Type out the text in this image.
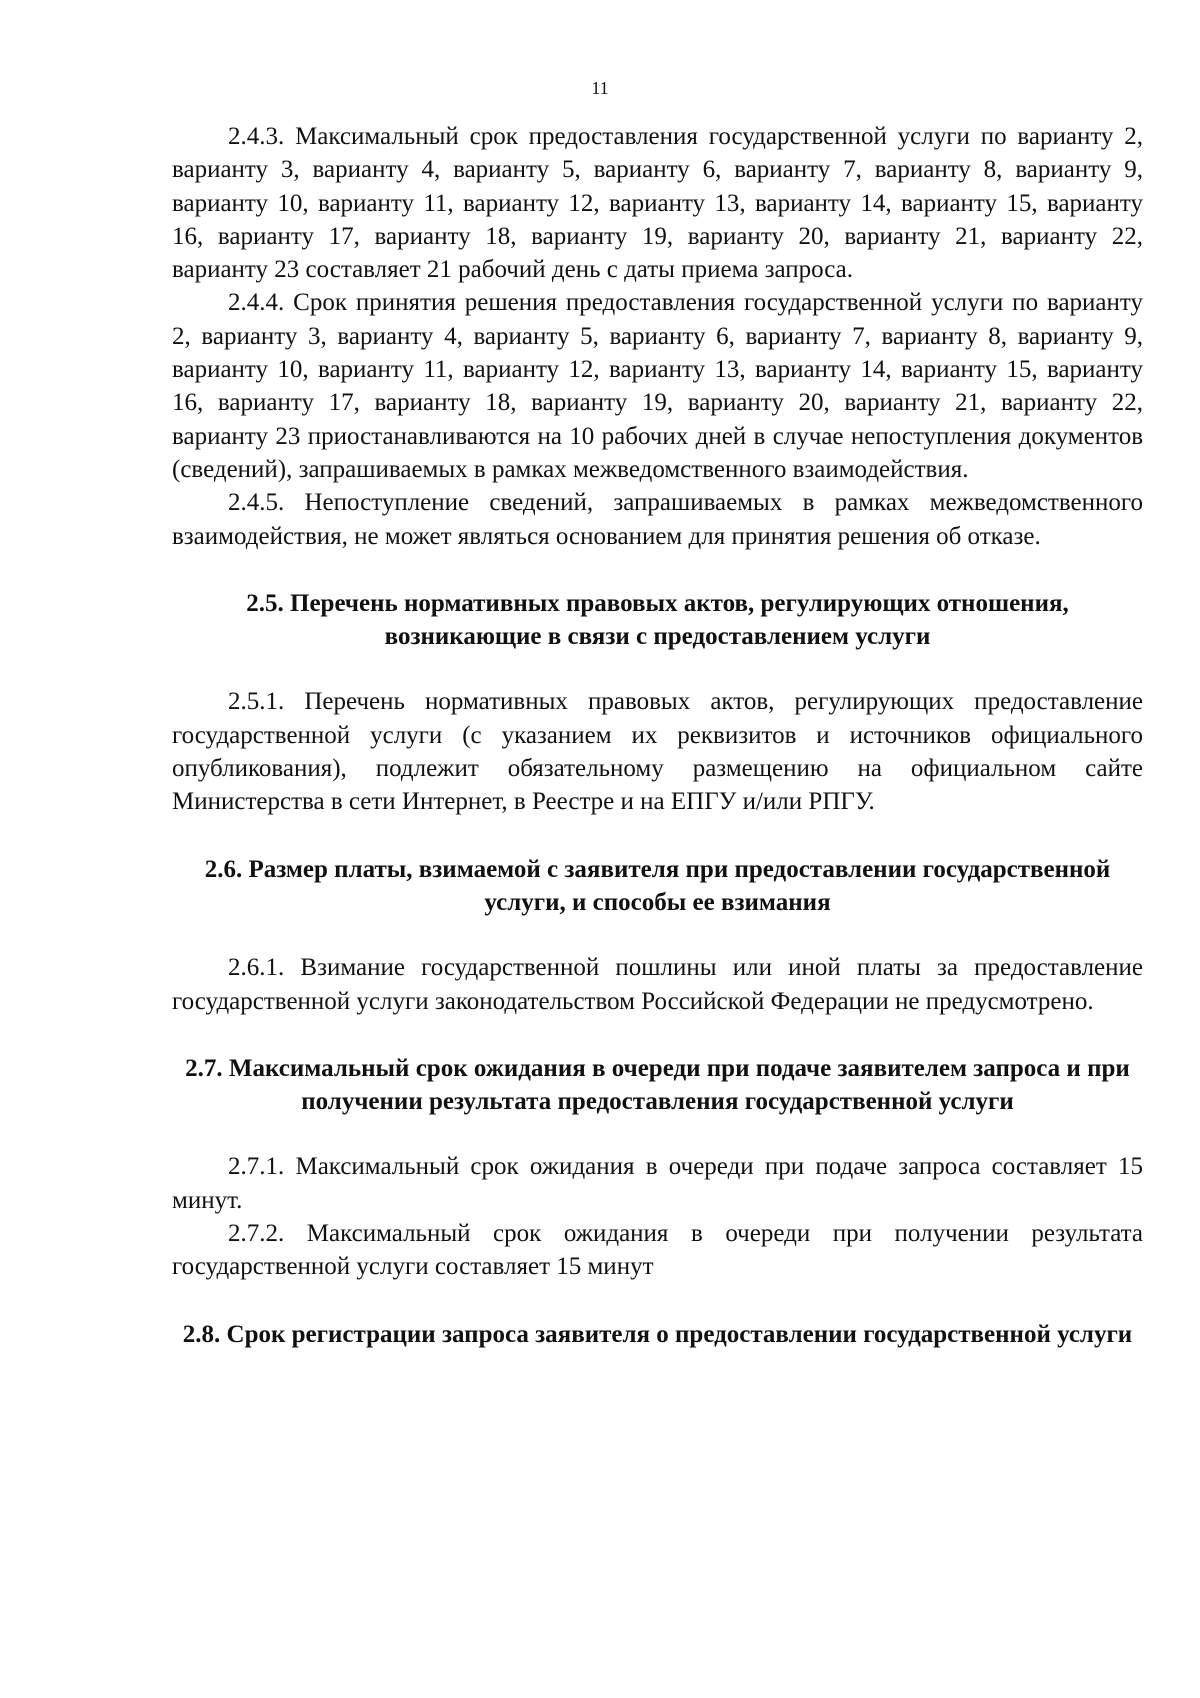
11

2.4.3. Максимальный срок предоставления государственной услуги по варианту 2, варианту 3, варианту 4, варианту 5, варианту 6, варианту 7, варианту 8, варианту 9, варианту 10, варианту 11, варианту 12, варианту 13, варианту 14, варианту 15, варианту 16, варианту 17, варианту 18, варианту 19, варианту 20, варианту 21, варианту 22, варианту 23 составляет 21 рабочий день с даты приема запроса.

2.4.4. Срок принятия решения предоставления государственной услуги по варианту 2, варианту 3, варианту 4, варианту 5, варианту 6, варианту 7, варианту 8, варианту 9, варианту 10, варианту 11, варианту 12, варианту 13, варианту 14, варианту 15, варианту 16, варианту 17, варианту 18, варианту 19, варианту 20, варианту 21, варианту 22, варианту 23 приостанавливаются на 10 рабочих дней в случае непоступления документов (сведений), запрашиваемых в рамках межведомственного взаимодействия.

2.4.5. Непоступление сведений, запрашиваемых в рамках межведомственного взаимодействия, не может являться основанием для принятия решения об отказе.

2.5. Перечень нормативных правовых актов, регулирующих отношения, возникающие в связи с предоставлением услуги

2.5.1. Перечень нормативных правовых актов, регулирующих предоставление государственной услуги (с указанием их реквизитов и источников официального опубликования), подлежит обязательному размещению на официальном сайте Министерства в сети Интернет, в Реестре и на ЕПГУ и/или РПГУ.

2.6. Размер платы, взимаемой с заявителя при предоставлении государственной услуги, и способы ее взимания

2.6.1. Взимание государственной пошлины или иной платы за предоставление государственной услуги законодательством Российской Федерации не предусмотрено.

2.7. Максимальный срок ожидания в очереди при подаче заявителем запроса и при получении результата предоставления государственной услуги

2.7.1. Максимальный срок ожидания в очереди при подаче запроса составляет 15 минут.

2.7.2. Максимальный срок ожидания в очереди при получении результата государственной услуги составляет 15 минут

2.8. Срок регистрации запроса заявителя о предоставлении государственной услуги
